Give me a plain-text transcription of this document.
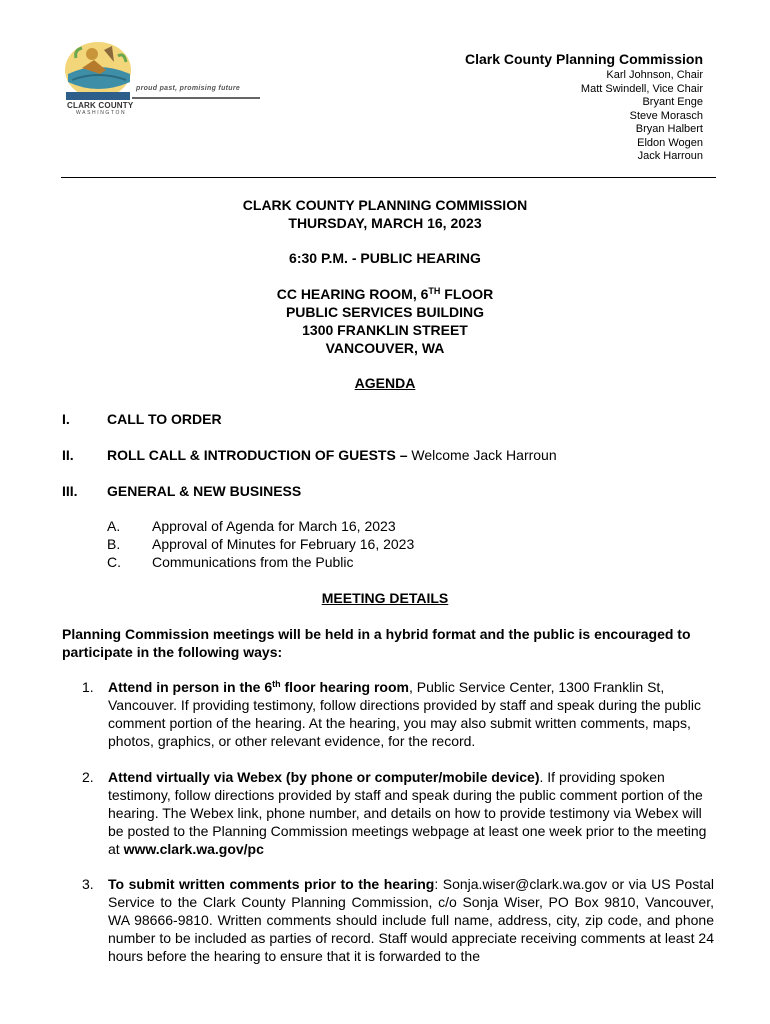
proud past, promising future
CLARK COUNTY
WASHINGTON
Clark County Planning Commission
Karl Johnson, Chair
Matt Swindell, Vice Chair
Bryant Enge
Steve Morasch
Bryan Halbert
Eldon Wogen
Jack Harroun
CLARK COUNTY PLANNING COMMISSION
THURSDAY, MARCH 16, 2023
6:30 P.M. - PUBLIC HEARING
CC HEARING ROOM, 6TH FLOOR
PUBLIC SERVICES BUILDING
1300 FRANKLIN STREET
VANCOUVER, WA
AGENDA
I.	CALL TO ORDER
II. ROLL CALL & INTRODUCTION OF GUESTS – Welcome Jack Harroun
III. GENERAL & NEW BUSINESS
A. Approval of Agenda for March 16, 2023
B. Approval of Minutes for February 16, 2023
C. Communications from the Public
MEETING DETAILS
Planning Commission meetings will be held in a hybrid format and the public is encouraged to participate in the following ways:
1. Attend in person in the 6th floor hearing room, Public Service Center, 1300 Franklin St, Vancouver. If providing testimony, follow directions provided by staff and speak during the public comment portion of the hearing. At the hearing, you may also submit written comments, maps, photos, graphics, or other relevant evidence, for the record.
2. Attend virtually via Webex (by phone or computer/mobile device). If providing spoken testimony, follow directions provided by staff and speak during the public comment portion of the hearing. The Webex link, phone number, and details on how to provide testimony via Webex will be posted to the Planning Commission meetings webpage at least one week prior to the meeting at www.clark.wa.gov/pc
3. To submit written comments prior to the hearing: Sonja.wiser@clark.wa.gov or via US Postal Service to the Clark County Planning Commission, c/o Sonja Wiser, PO Box 9810, Vancouver, WA 98666-9810. Written comments should include full name, address, city, zip code, and phone number to be included as parties of record. Staff would appreciate receiving comments at least 24 hours before the hearing to ensure that it is forwarded to the
